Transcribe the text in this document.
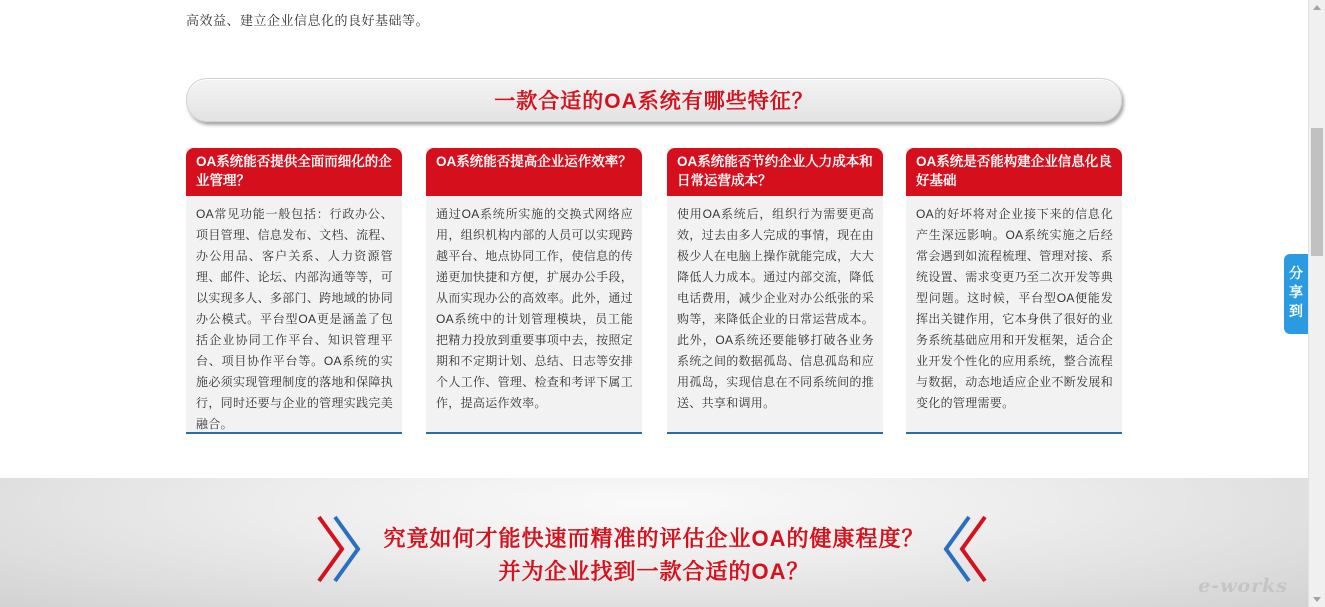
高效益、建立企业信息化的良好基础等。
一款合适的OA系统有哪些特征？
OA系统能否提供全面而细化的企业管理？
OA常见功能一般包括：行政办公、项目管理、信息发布、文档、流程、办公用品、客户关系、人力资源管理、邮件、论坛、内部沟通等等，可以实现多人、多部门、跨地域的协同办公模式。平台型OA更是涵盖了包括企业协同工作平台、知识管理平台、项目协作平台等。OA系统的实施必须实现管理制度的落地和保障执行，同时还要与企业的管理实践完美融合。
OA系统能否提高企业运作效率？
通过OA系统所实施的交换式网络应用，组织机构内部的人员可以实现跨越平台、地点协同工作，使信息的传递更加快捷和方便，扩展办公手段，从而实现办公的高效率。此外，通过OA系统中的计划管理模块，员工能把精力投放到重要事项中去，按照定期和不定期计划、总结、日志等安排个人工作、管理、检查和考评下属工作，提高运作效率。
OA系统能否节约企业人力成本和日常运营成本？
使用OA系统后，组织行为需要更高效，过去由多人完成的事情，现在由极少人在电脑上操作就能完成，大大降低人力成本。通过内部交流，降低电话费用，减少企业对办公纸张的采购等，来降低企业的日常运营成本。此外，OA系统还要能够打破各业务系统之间的数据孤岛、信息孤岛和应用孤岛，实现信息在不同系统间的推送、共享和调用。
OA系统是否能构建企业信息化良好基础
OA的好坏将对企业接下来的信息化产生深远影响。OA系统实施之后经常会遇到如流程梳理、管理对接、系统设置、需求变更乃至二次开发等典型问题。这时候，平台型OA便能发挥出关键作用，它本身供了很好的业务系统基础应用和开发框架，适合企业开发个性化的应用系统，整合流程与数据，动态地适应企业不断发展和变化的管理需要。
究竟如何才能快速而精准的评估企业OA的健康程度？
并为企业找到一款合适的OA？
e-works
分享到
